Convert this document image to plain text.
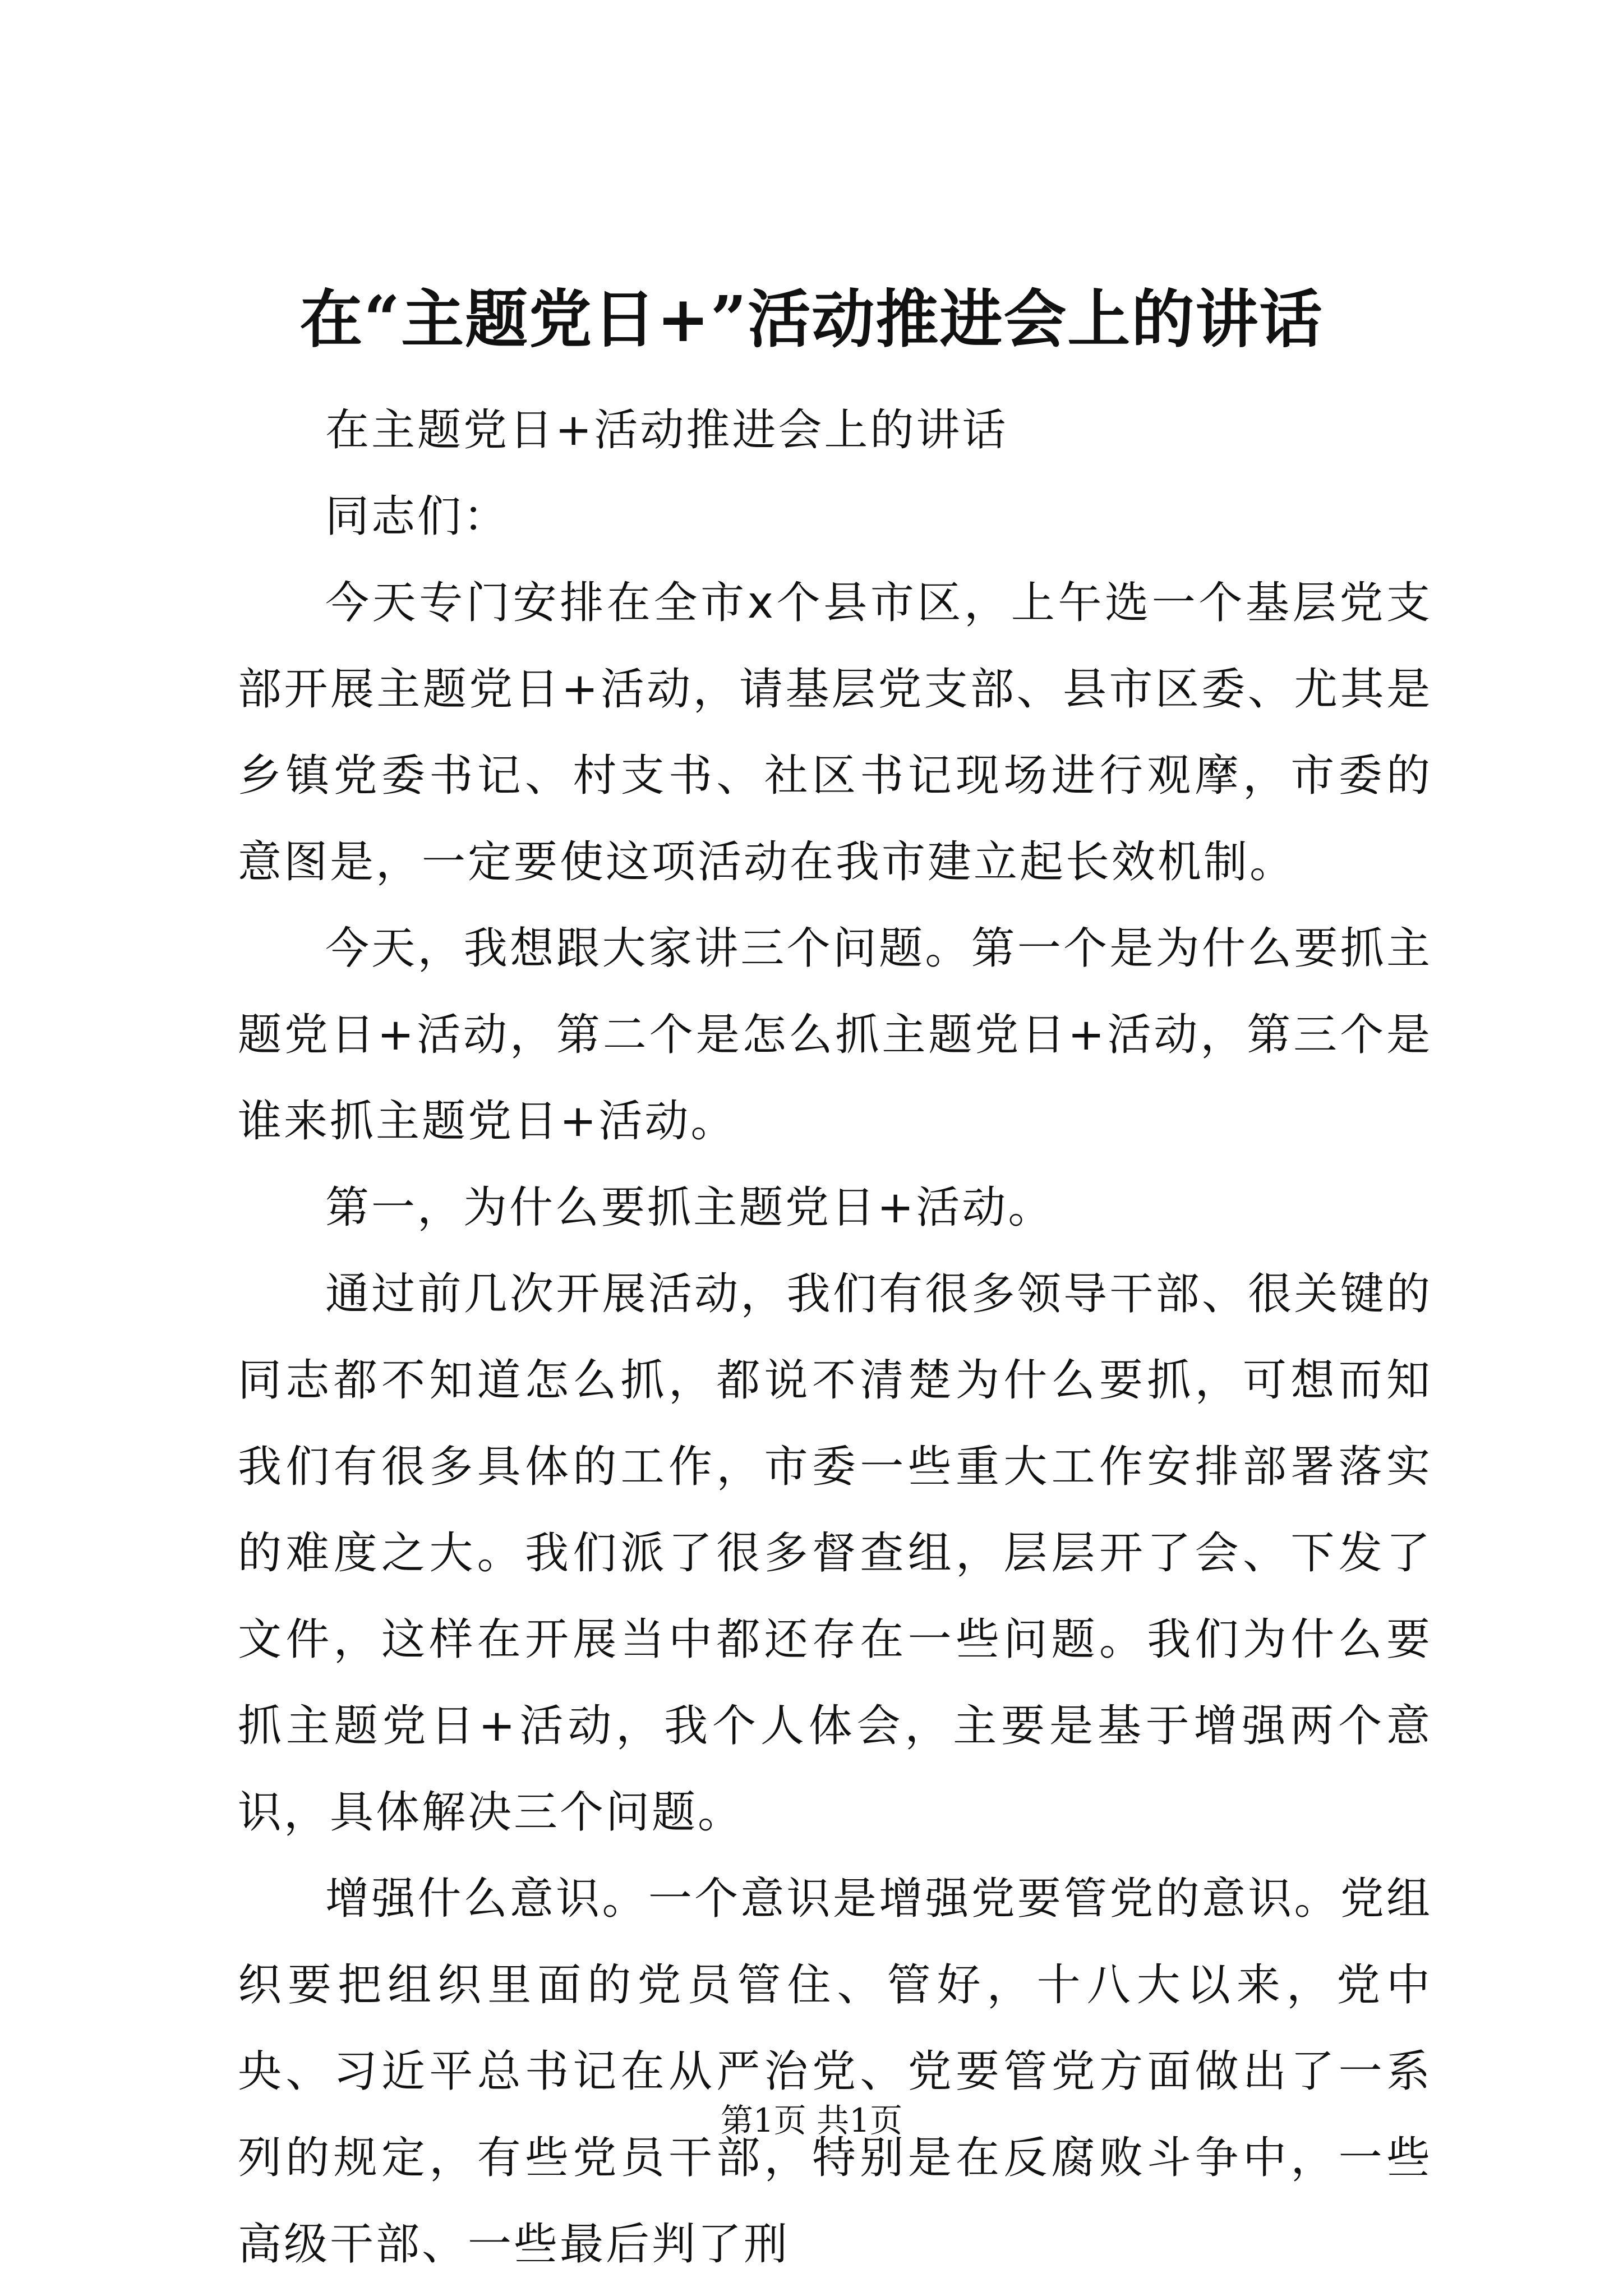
在“主题党日+”活动推进会上的讲话

在主题党日+活动推进会上的讲话

同志们：

今天专门安排在全市x个县市区，上午选一个基层党支部开展主题党日+活动，请基层党支部、县市区委、尤其是乡镇党委书记、村支书、社区书记现场进行观摩，市委的意图是，一定要使这项活动在我市建立起长效机制。

今天，我想跟大家讲三个问题。第一个是为什么要抓主题党日+活动，第二个是怎么抓主题党日+活动，第三个是谁来抓主题党日+活动。

第一，为什么要抓主题党日+活动。

通过前几次开展活动，我们有很多领导干部、很关键的同志都不知道怎么抓，都说不清楚为什么要抓，可想而知我们有很多具体的工作，市委一些重大工作安排部署落实的难度之大。我们派了很多督查组，层层开了会、下发了文件，这样在开展当中都还存在一些问题。我们为什么要抓主题党日+活动，我个人体会，主要是基于增强两个意识，具体解决三个问题。

增强什么意识。一个意识是增强党要管党的意识。党组织要把组织里面的党员管住、管好，十八大以来，党中央、习近平总书记在从严治党、党要管党方面做出了一系列的规定，有些党员干部，特别是在反腐败斗争中，一些高级干部、一些最后判了刑

第1页 共1页
